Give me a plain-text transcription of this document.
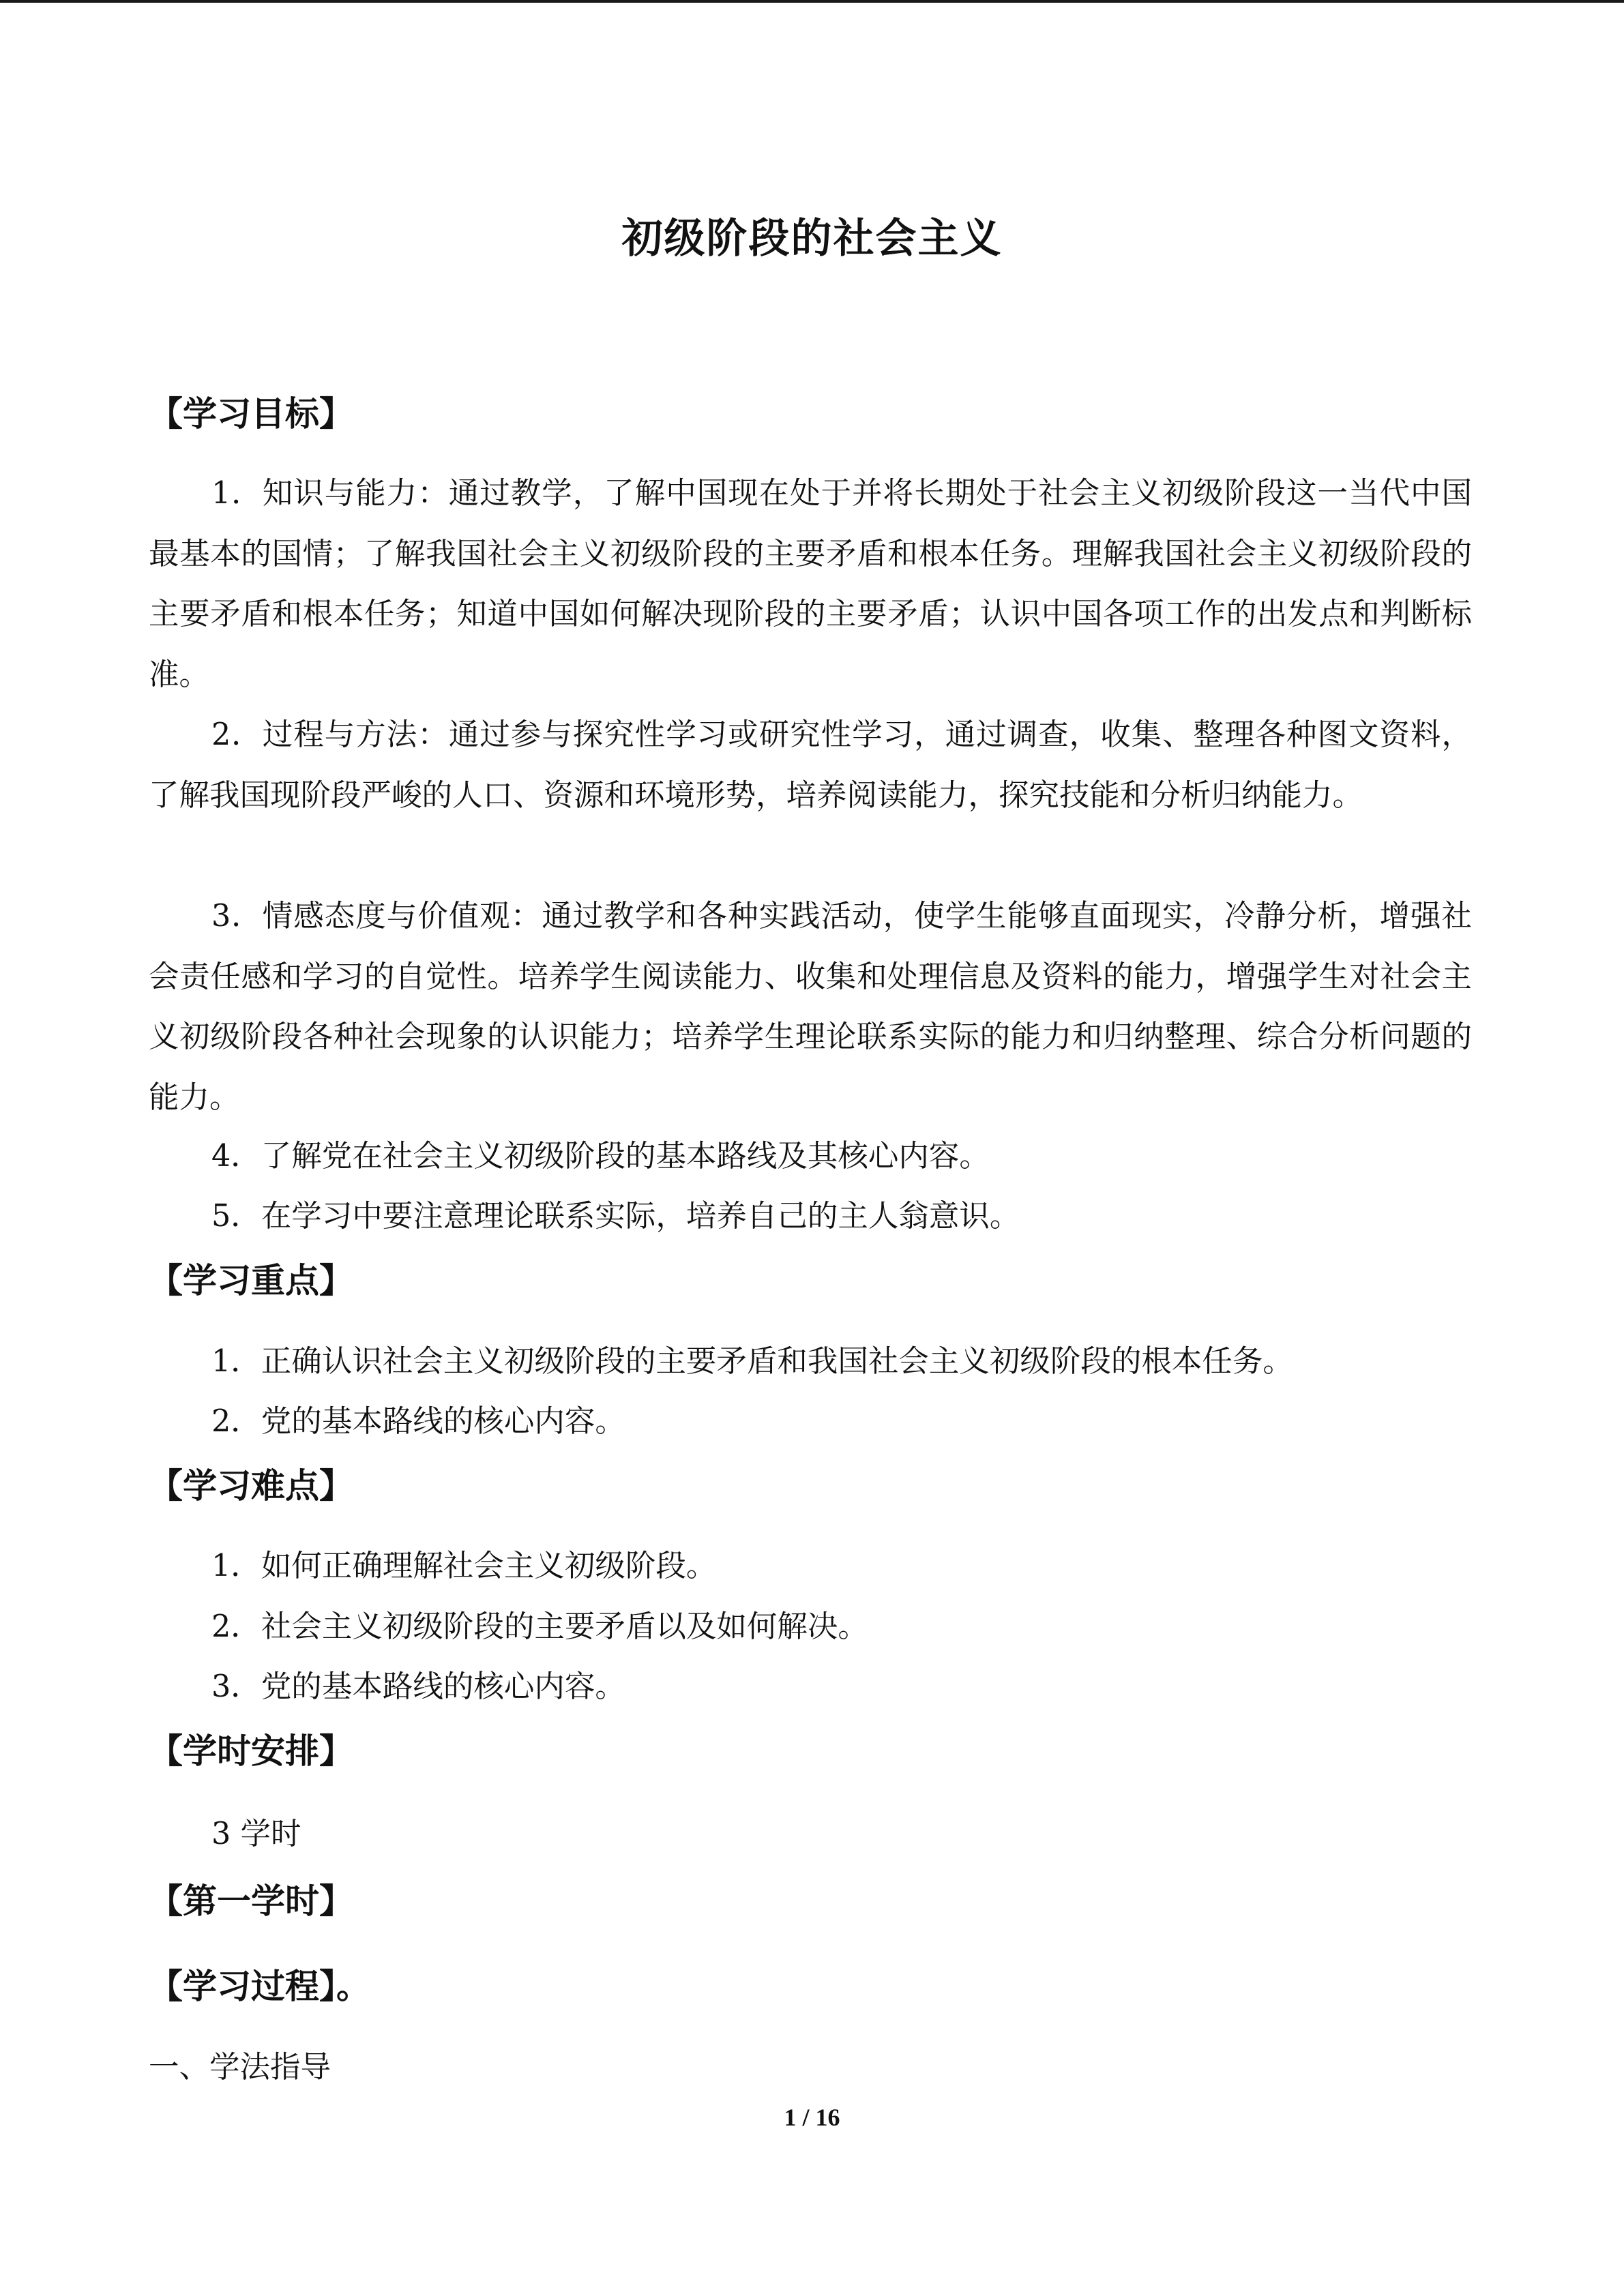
初级阶段的社会主义
【学习目标】

1．知识与能力：通过教学，了解中国现在处于并将长期处于社会主义初级阶段这一当代中国最基本的国情；了解我国社会主义初级阶段的主要矛盾和根本任务。理解我国社会主义初级阶段的主要矛盾和根本任务；知道中国如何解决现阶段的主要矛盾；认识中国各项工作的出发点和判断标准。

2．过程与方法：通过参与探究性学习或研究性学习，通过调查，收集、整理各种图文资料，了解我国现阶段严峻的人口、资源和环境形势，培养阅读能力，探究技能和分析归纳能力。

3．情感态度与价值观：通过教学和各种实践活动，使学生能够直面现实，冷静分析，增强社会责任感和学习的自觉性。培养学生阅读能力、收集和处理信息及资料的能力，增强学生对社会主义初级阶段各种社会现象的认识能力；培养学生理论联系实际的能力和归纳整理、综合分析问题的能力。

4．了解党在社会主义初级阶段的基本路线及其核心内容。
5．在学习中要注意理论联系实际，培养自己的主人翁意识。
【学习重点】
1．正确认识社会主义初级阶段的主要矛盾和我国社会主义初级阶段的根本任务。
2．党的基本路线的核心内容。
【学习难点】
1．如何正确理解社会主义初级阶段。
2．社会主义初级阶段的主要矛盾以及如何解决。
3．党的基本路线的核心内容。
【学时安排】
3 学时
【第一学时】
【学习过程】。
一、学法指导
1 / 16
